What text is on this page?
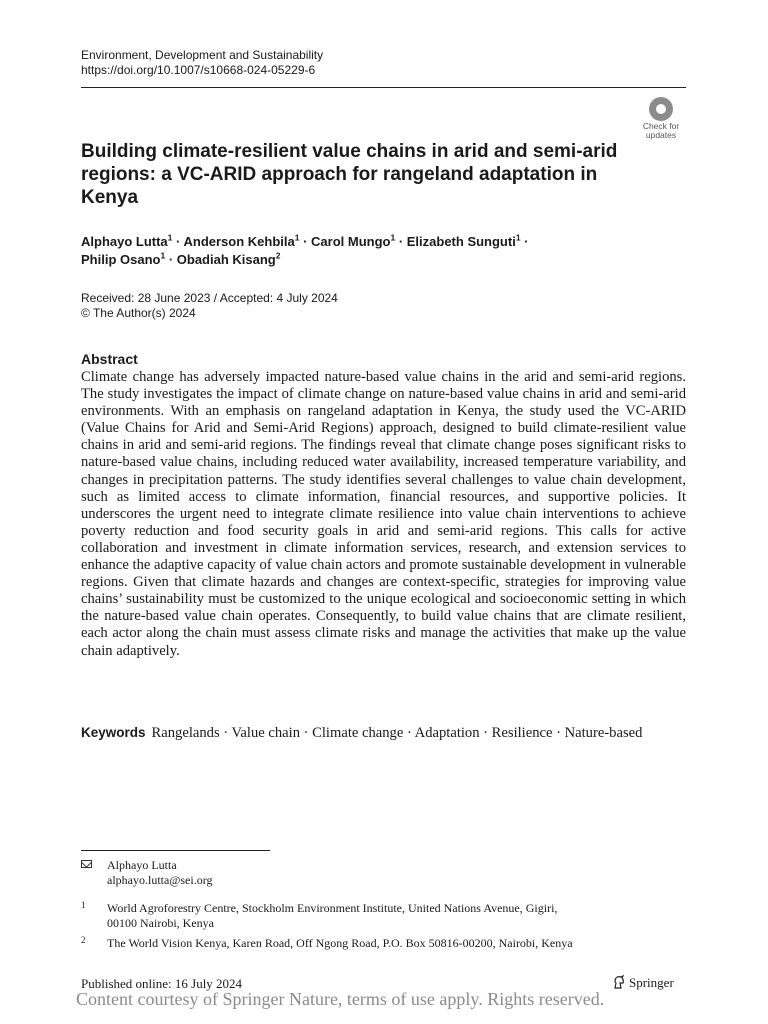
Environment, Development and Sustainability
https://doi.org/10.1007/s10668-024-05229-6
Check for
updates
Building climate-resilient value chains in arid and semi-arid regions: a VC-ARID approach for rangeland adaptation in Kenya
Alphayo Lutta$^1$ · Anderson Kehbila$^1$ · Carol Mungo$^1$ · Elizabeth Sunguti$^1$ ·
Philip Osano$^1$ · Obadiah Kisang$^2$
Received: 28 June 2023 / Accepted: 4 July 2024
© The Author(s) 2024
Abstract
Climate change has adversely impacted nature-based value chains in the arid and semi-arid regions. The study investigates the impact of climate change on nature-based value chains in arid and semi-arid environments. With an emphasis on rangeland adaptation in Kenya, the study used the VC-ARID (Value Chains for Arid and Semi-Arid Regions) approach, designed to build climate-resilient value chains in arid and semi-arid regions. The findings reveal that climate change poses significant risks to nature-based value chains, including reduced water availability, increased temperature variability, and changes in precipitation patterns. The study identifies several challenges to value chain development, such as limited access to climate information, financial resources, and supportive policies. It underscores the urgent need to integrate climate resilience into value chain interventions to achieve poverty reduction and food security goals in arid and semi-arid regions. This calls for active collaboration and investment in climate information services, research, and extension services to enhance the adaptive capacity of value chain actors and promote sustainable development in vulnerable regions. Given that climate hazards and changes are context-specific, strategies for improving value chains’ sustainability must be customized to the unique ecological and socioeconomic setting in which the nature-based value chain operates. Consequently, to build value chains that are climate resilient, each actor along the chain must assess climate risks and manage the activities that make up the value chain adaptively.
Keywords Rangelands · Value chain · Climate change · Adaptation · Resilience · Nature-based
Alphayo Lutta
alphayo.lutta@sei.org
1 World Agroforestry Centre, Stockholm Environment Institute, United Nations Avenue, Gigiri,
00100 Nairobi, Kenya
2 The World Vision Kenya, Karen Road, Off Ngong Road, P.O. Box 50816-00200, Nairobi, Kenya
Published online: 16 July 2024	Springer
Content courtesy of Springer Nature, terms of use apply. Rights reserved.
